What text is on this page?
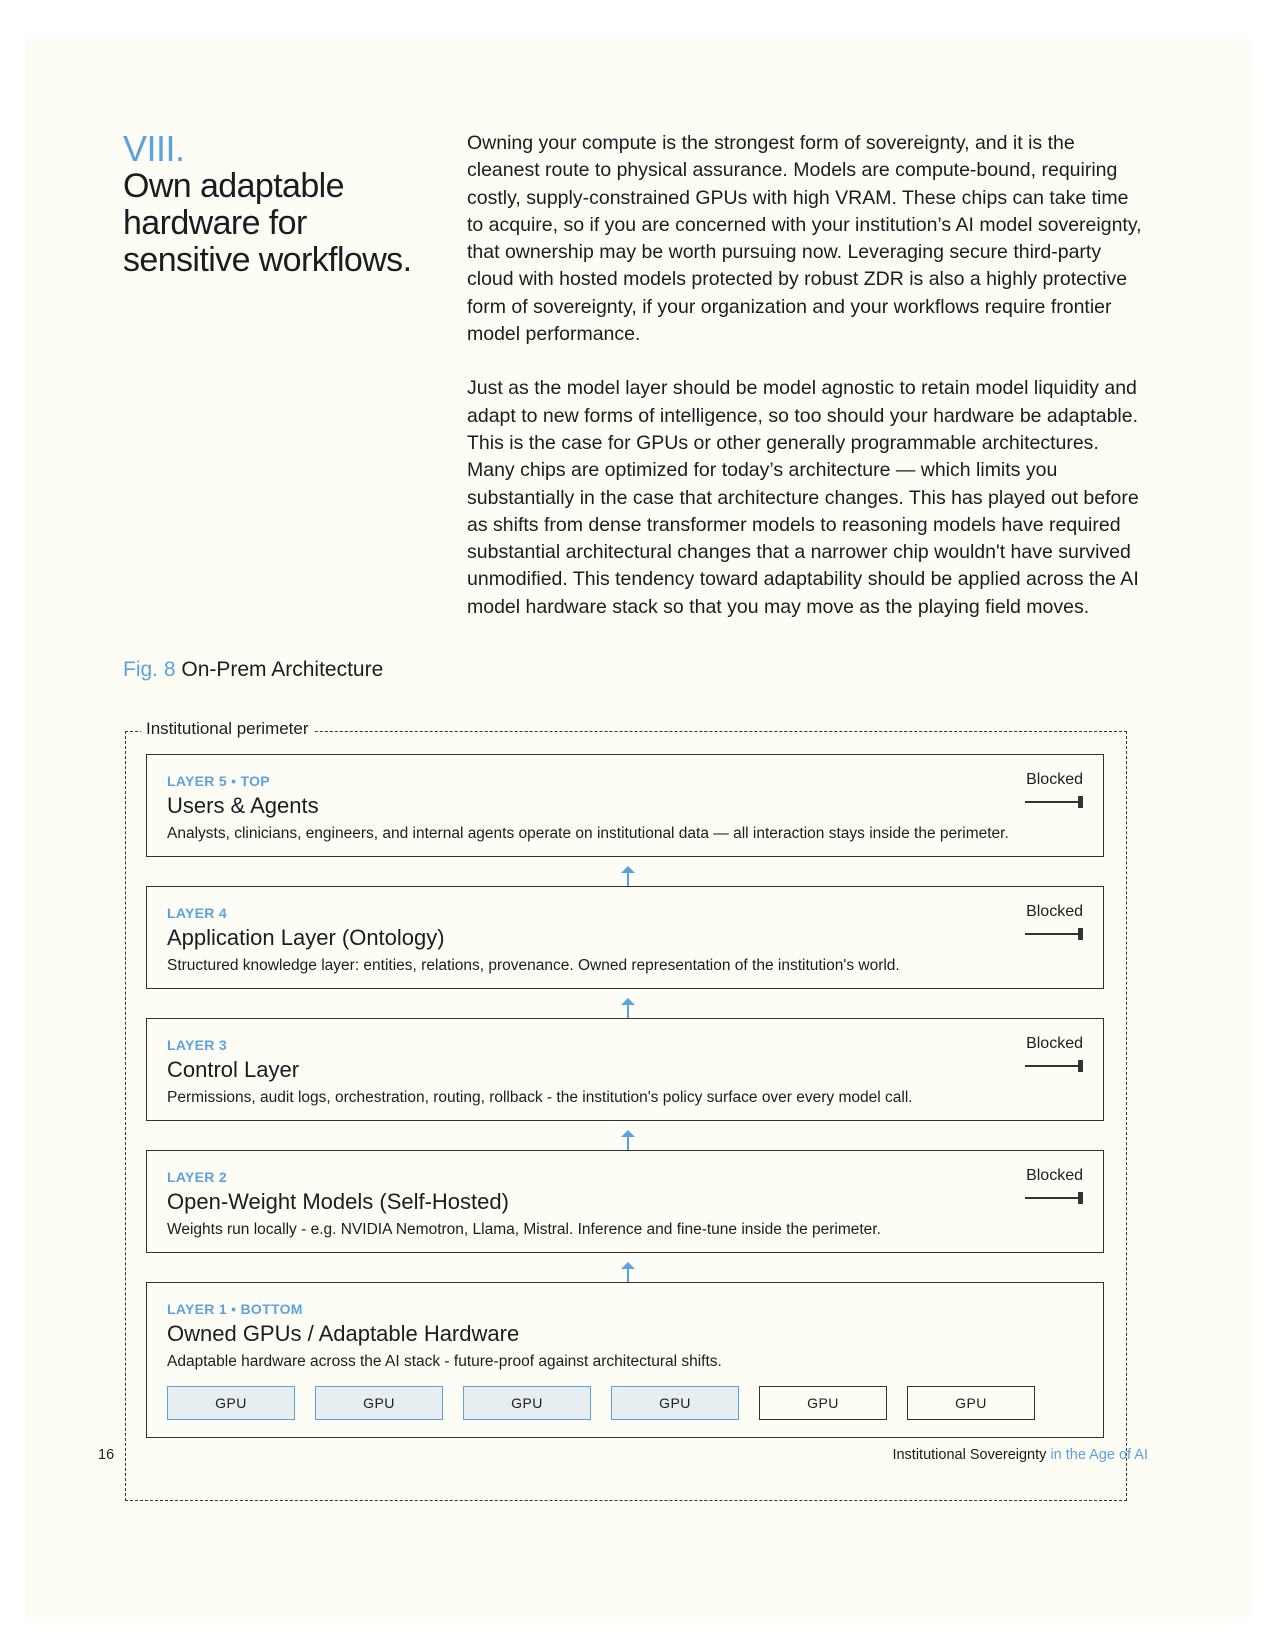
VIII.
Own adaptable hardware for sensitive workflows.

Owning your compute is the strongest form of sovereignty, and it is the cleanest route to physical assurance. Models are compute-bound, requiring costly, supply-constrained GPUs with high VRAM. These chips can take time to acquire, so if you are concerned with your institution’s AI model sovereignty, that ownership may be worth pursuing now. Leveraging secure third-party cloud with hosted models protected by robust ZDR is also a highly protective form of sovereignty, if your organization and your workflows require frontier model performance.

Just as the model layer should be model agnostic to retain model liquidity and adapt to new forms of intelligence, so too should your hardware be adaptable. This is the case for GPUs or other generally programmable architectures. Many chips are optimized for today’s architecture — which limits you substantially in the case that architecture changes. This has played out before as shifts from dense transformer models to reasoning models have required substantial architectural changes that a narrower chip wouldn't have survived unmodified. This tendency toward adaptability should be applied across the AI model hardware stack so that you may move as the playing field moves.

Fig. 8 On-Prem Architecture
Institutional perimeter
LAYER 5 • TOP
Users & Agents
Analysts, clinicians, engineers, and internal agents operate on institutional data — all interaction stays inside the perimeter.
Blocked
LAYER 4
Application Layer (Ontology)
Structured knowledge layer: entities, relations, provenance. Owned representation of the institution's world.
Blocked
LAYER 3
Control Layer
Permissions, audit logs, orchestration, routing, rollback - the institution's policy surface over every model call.
Blocked
LAYER 2
Open-Weight Models (Self-Hosted)
Weights run locally - e.g. NVIDIA Nemotron, Llama, Mistral. Inference and fine-tune inside the perimeter.
Blocked
LAYER 1 • BOTTOM
Owned GPUs / Adaptable Hardware
Adaptable hardware across the AI stack - future-proof against architectural shifts.
GPU	GPU	GPU	GPU	GPU	GPU
16	Institutional Sovereignty in the Age of AI
